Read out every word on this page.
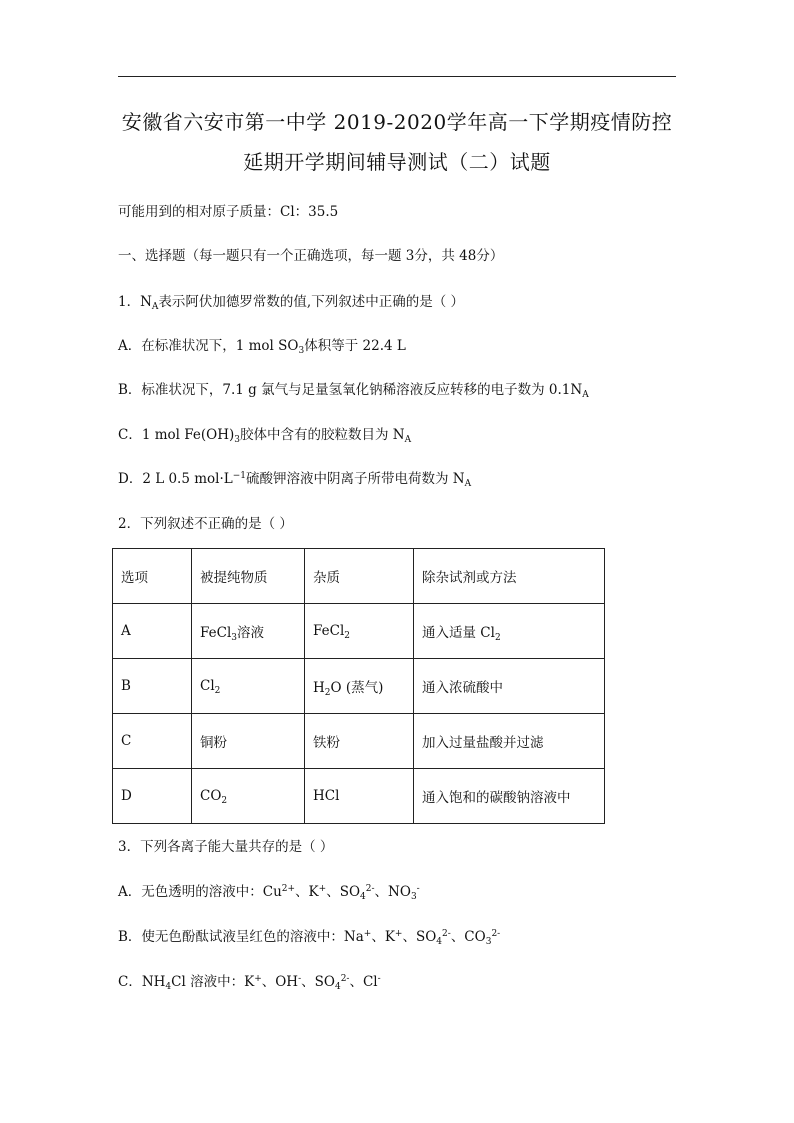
安徽省六安市第一中学 2019-2020学年高一下学期疫情防控
延期开学期间辅导测试（二）试题
可能用到的相对原子质量：Cl：35.5
一、选择题（每一题只有一个正确选项，每一题 3分，共 48分）
1．$N_A$表示阿伏加德罗常数的值,下列叙述中正确的是（ ）
A．在标准状况下，1 mol $SO_3$体积等于 22.4 L
B．标准状况下，7.1 g 氯气与足量氢氧化钠稀溶液反应转移的电子数为 $0.1N_A$
C．1 mol $Fe(OH)_3$胶体中含有的胶粒数目为 $N_A$
D．2 L 0.5 $mol\cdot L^{-1}$硫酸钾溶液中阴离子所带电荷数为 $N_A$
2．下列叙述不正确的是（ ）
选项	被提纯物质	杂质	除杂试剂或方法
A	FeCl$_3$溶液	FeCl$_2$	通入适量 $Cl_2$
B	$Cl_2$	$H_2O$ (蒸气)	通入浓硫酸中
C	铜粉	铁粉	加入过量盐酸并过滤
D	$CO_2$	HCl	通入饱和的碳酸钠溶液中
3．下列各离子能大量共存的是（ ）
A．无色透明的溶液中：$Cu^{2+}$、K+、$SO_4^{2-}$、$NO_3^-$
B．使无色酚酞试液呈红色的溶液中：Na+、K+、$SO_4^{2-}$、$CO_3^{2-}$
C．$NH_4Cl$ 溶液中：K+、OH-、$SO_4^{2-}$、Cl-
